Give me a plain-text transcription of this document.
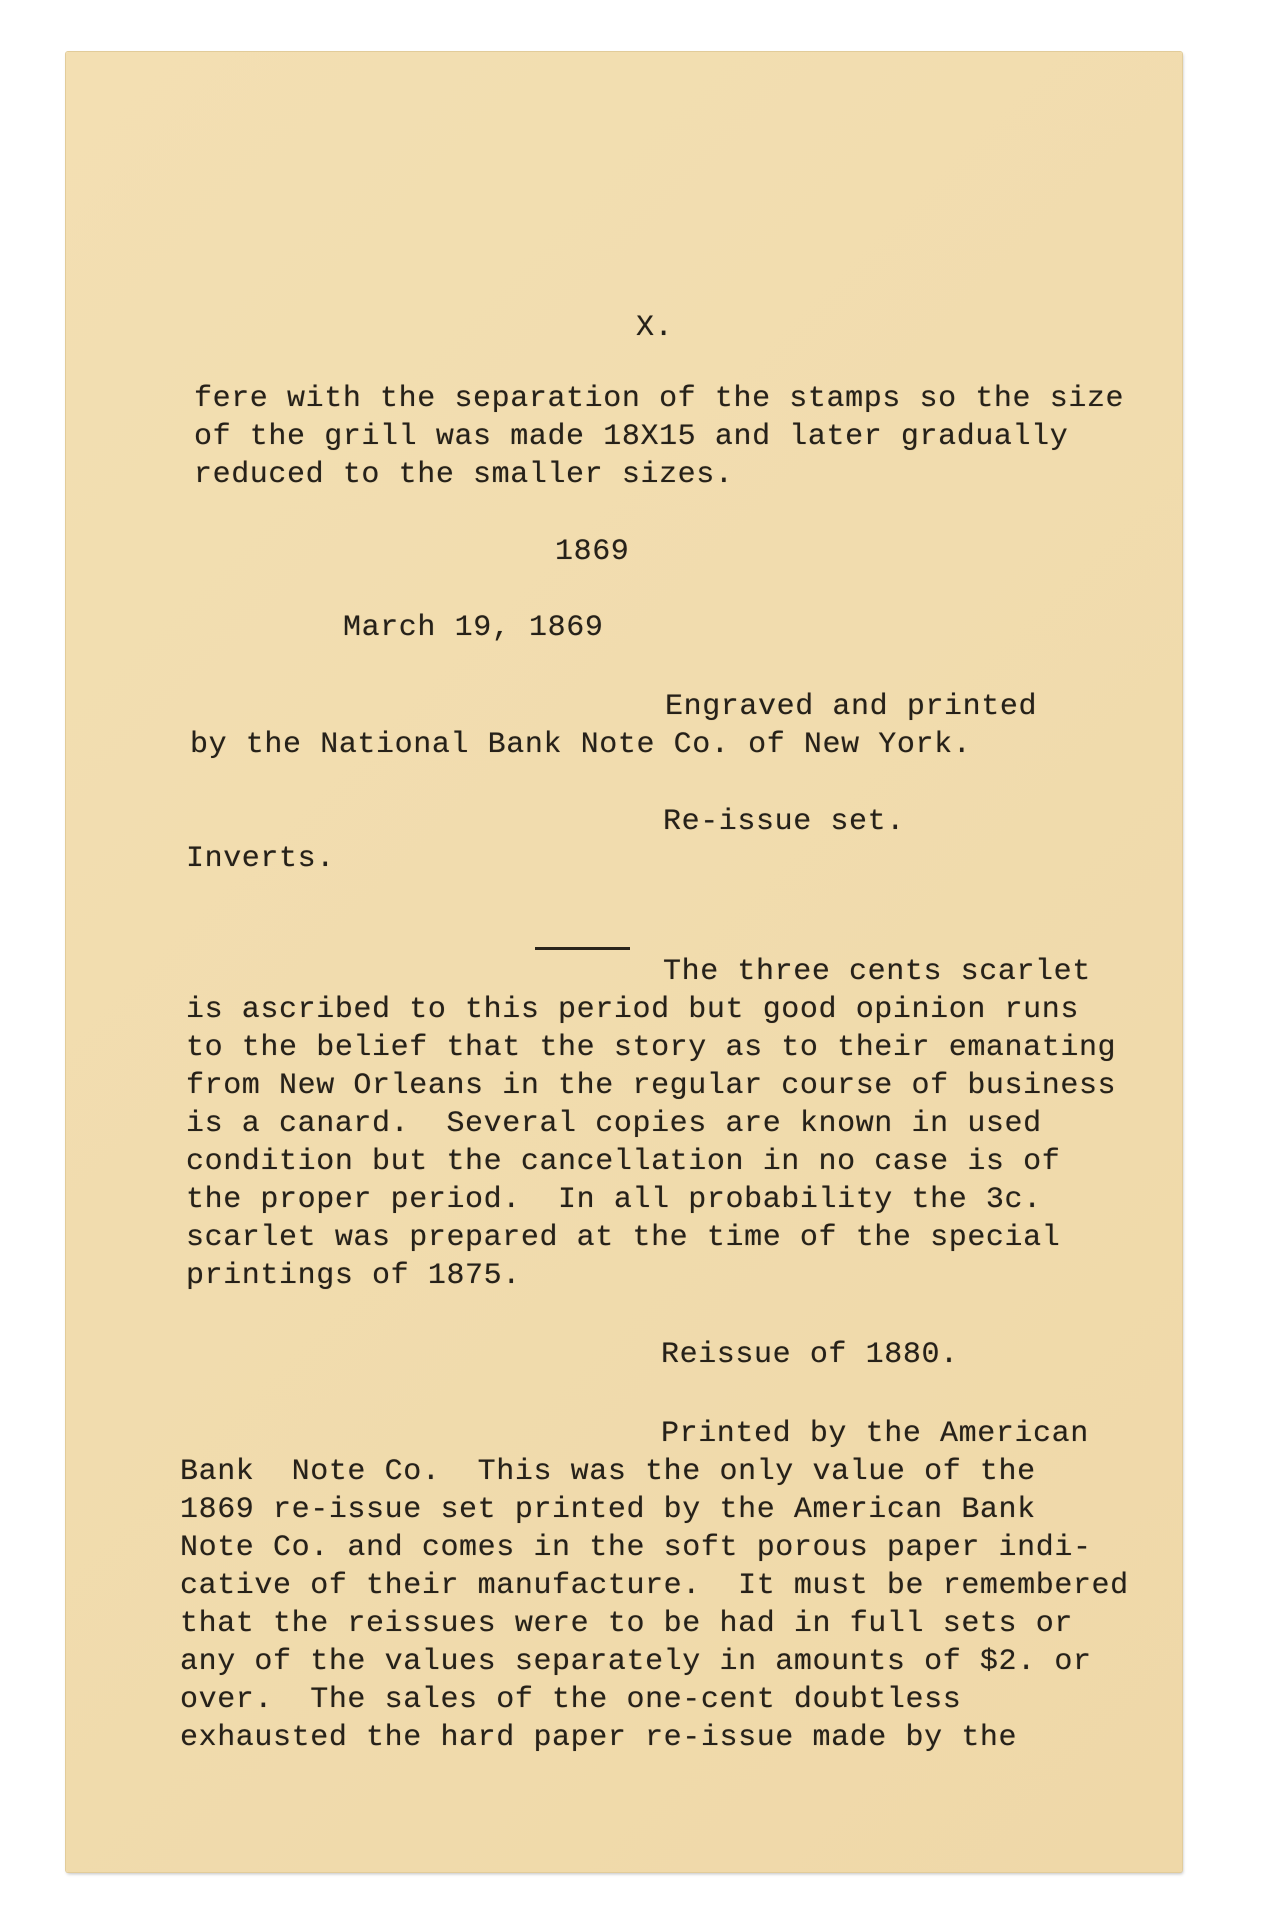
X.

fere with the separation of the stamps so the size

of the grill was made 18X15 and later gradually

reduced to the smaller sizes.

1869

March 19, 1869

Engraved and printed

by the National Bank Note Co. of New York.

Re-issue set.

Inverts.

The three cents scarlet

is ascribed to this period but good opinion runs

to the belief that the story as to their emanating

from New Orleans in the regular course of business

is a canard.  Several copies are known in used

condition but the cancellation in no case is of

the proper period.  In all probability the 3c.

scarlet was prepared at the time of the special

printings of 1875.

Reissue of 1880.

Printed by the American

Bank  Note Co.  This was the only value of the

1869 re-issue set printed by the American Bank

Note Co. and comes in the soft porous paper indi-

cative of their manufacture.  It must be remembered

that the reissues were to be had in full sets or

any of the values separately in amounts of $2. or

over.  The sales of the one-cent doubtless

exhausted the hard paper re-issue made by the
